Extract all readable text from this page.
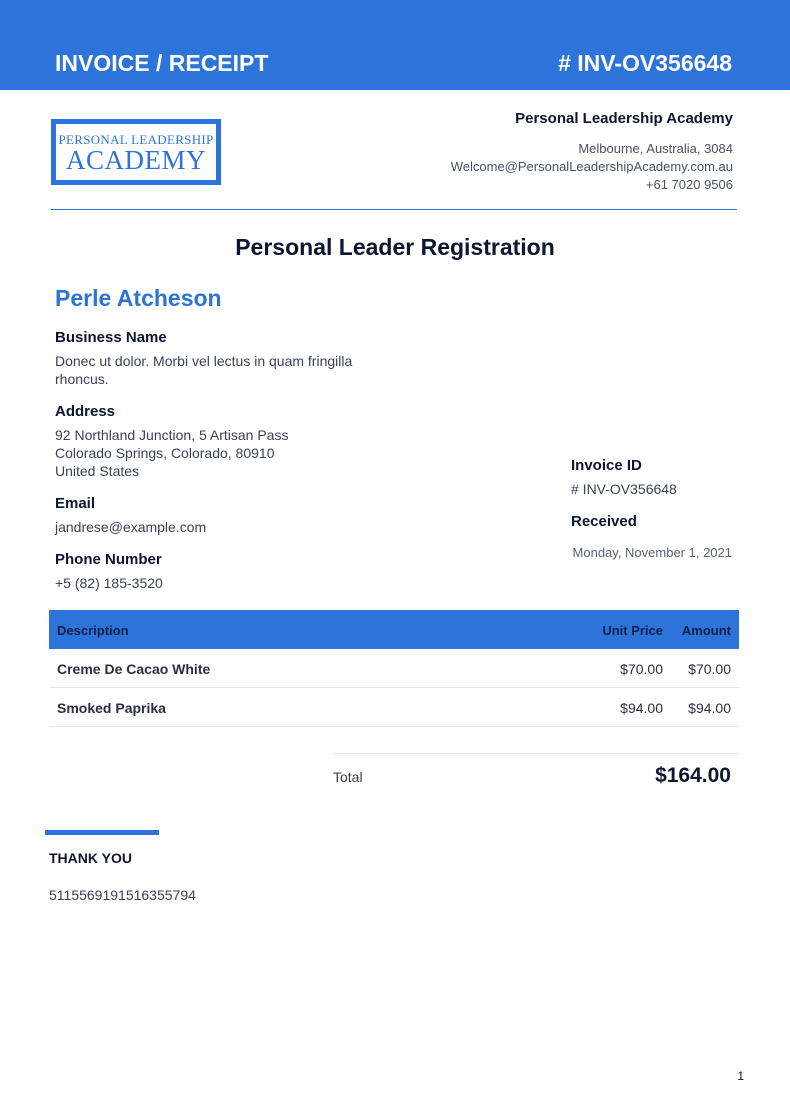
INVOICE / RECEIPT	# INV-OV356648
PERSONAL LEADERSHIP
ACADEMY
Personal Leadership Academy
Melbourne, Australia, 3084
Welcome@PersonalLeadershipAcademy.com.au
+61 7020 9506
Personal Leader Registration
Perle Atcheson
Business Name
Donec ut dolor. Morbi vel lectus in quam fringilla
rhoncus.
Address
92 Northland Junction, 5 Artisan Pass
Colorado Springs, Colorado, 80910
United States
Email
jandrese@example.com
Phone Number
+5 (82) 185-3520
Invoice ID
# INV-OV356648
Received
Monday, November 1, 2021
Description	Unit Price Amount
Creme De Cacao White	$70.00 $70.00
Smoked Paprika	$94.00 $94.00
Total	$164.00
THANK YOU
5115569191516355794
1
